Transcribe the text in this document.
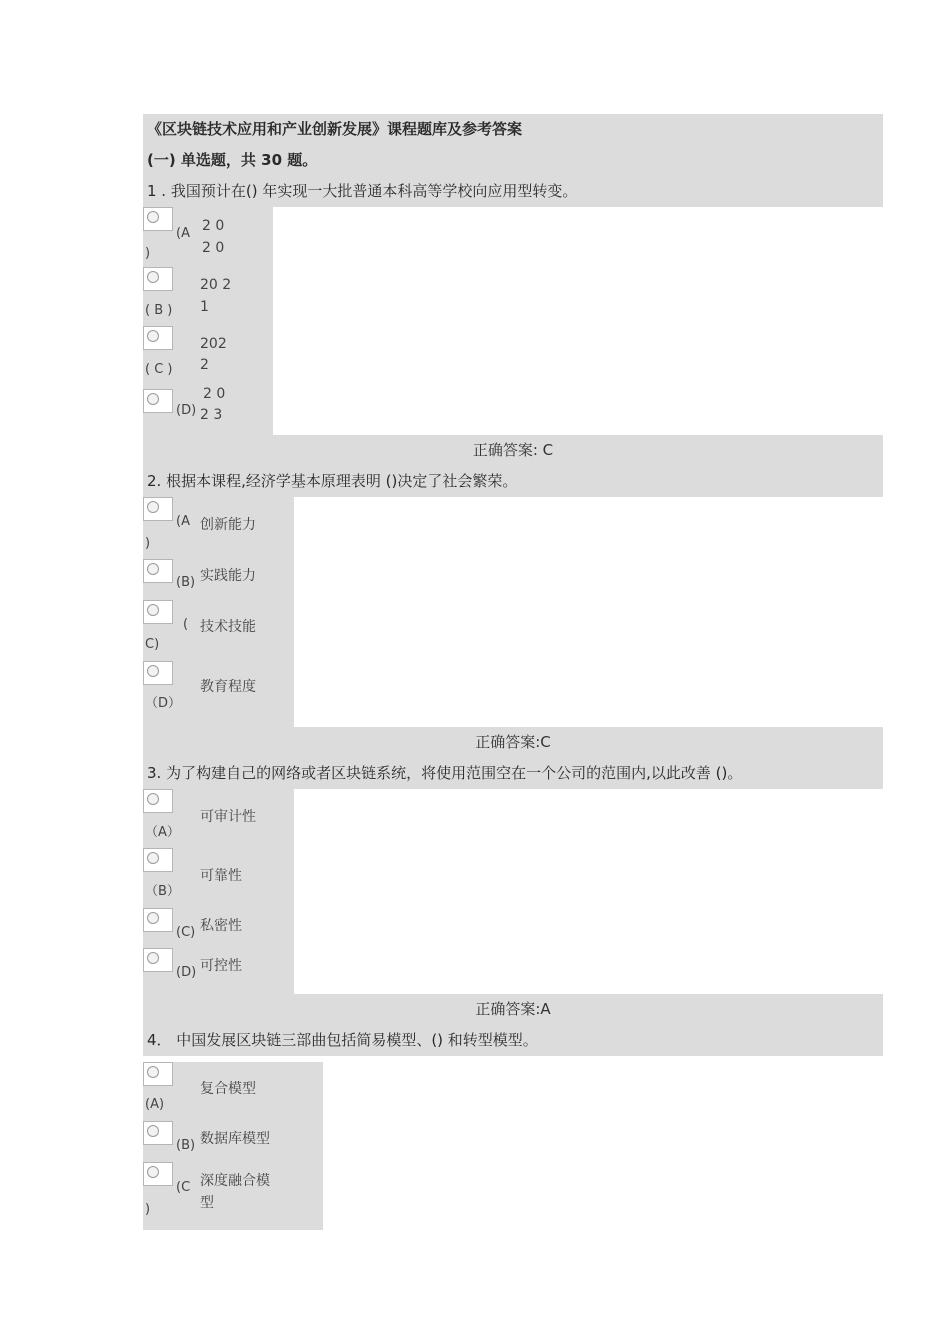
《区块链技术应用和产业创新发展》课程题库及参考答案
(一) 单选题，共 30 题。
1 . 我国预计在() 年实现一大批普通本科高等学校向应用型转变。
(A
)
2 0
2 0
( B )
20 2
1
( C )
202
2
(D)
2 0
2 3
正确答案: C
2. 根据本课程,经济学基本原理表明 ()决定了社会繁荣。
(A
)
创新能力
(B) 实践能力
(
C)
技术技能
（D）
教育程度
正确答案:C
3. 为了构建自己的网络或者区块链系统，将使用范围空在一个公司的范围内,以此改善 ()。
（A）
可审计性
（B）
可靠性
(C) 私密性
(D) 可控性
正确答案:A
4． 中国发展区块链三部曲包括简易模型、() 和转型模型。
(A)
复合模型
(B) 数据库模型
(C
)
深度融合模
型
